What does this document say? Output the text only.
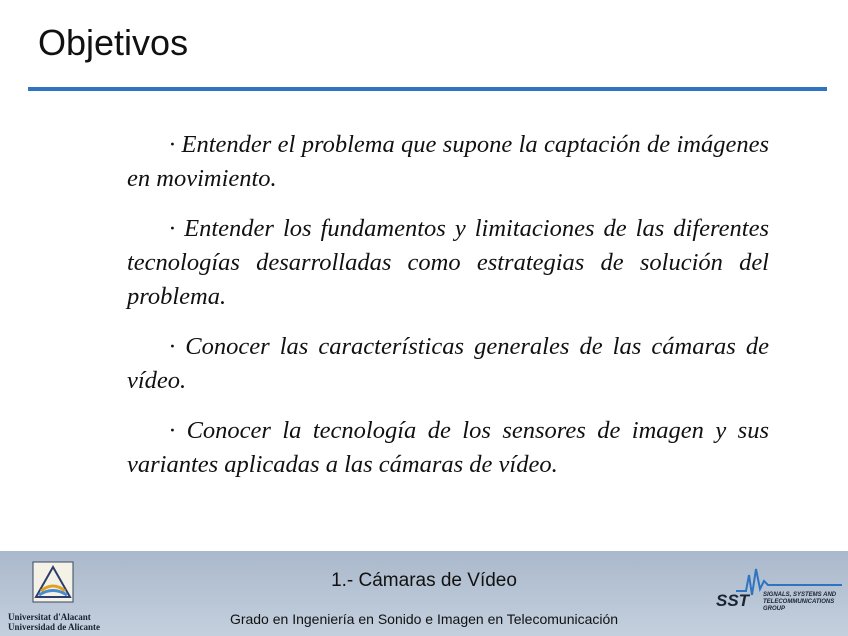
Objetivos
· Entender el problema que supone la captación de imágenes en movimiento.
· Entender los fundamentos y limitaciones de las diferentes tecnologías desarrolladas como estrategias de solución del problema.
· Conocer las características generales de las cámaras de vídeo.
· Conocer la tecnología de los sensores de imagen y sus variantes aplicadas a las cámaras de vídeo.
Universitat d'Alacant
Universidad de Alicante
1.- Cámaras de Vídeo
Grado en Ingeniería en Sonido e Imagen en Telecomunicación
SST SIGNALS, SYSTEMS AND TELECOMMUNICATIONS GROUP
